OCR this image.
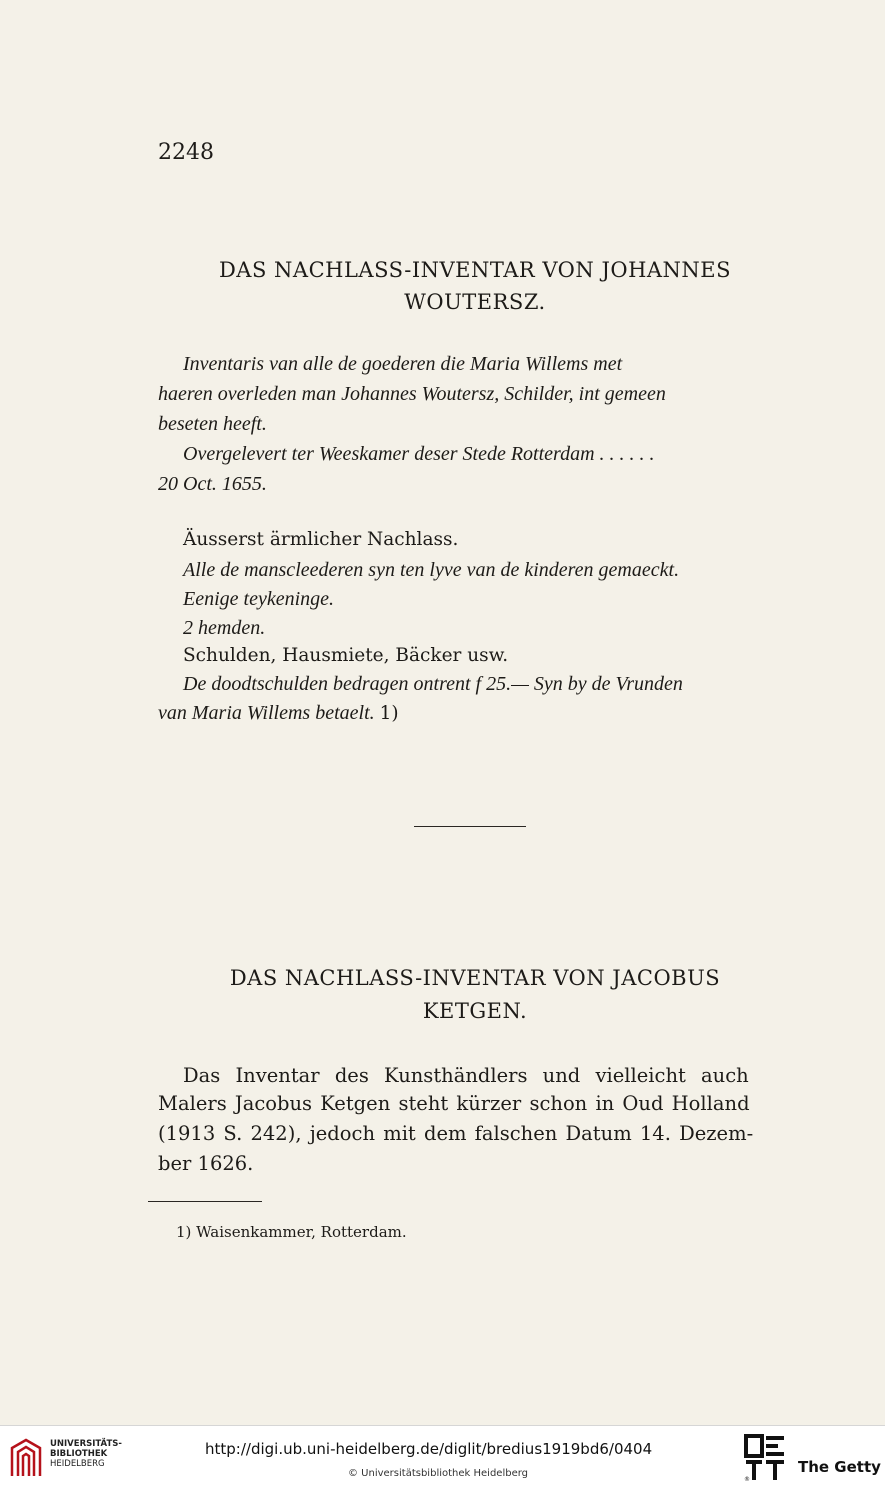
2248
DAS NACHLASS-INVENTAR VON JOHANNES
WOUTERSZ.
Inventaris van alle de goederen die Maria Willems met
haeren overleden man Johannes Woutersz, Schilder, int gemeen
beseten heeft.
Overgelevert ter Weeskamer deser Stede Rotterdam . . . . . .
20 Oct. 1655.
Äusserst ärmlicher Nachlass.
Alle de manscleederen syn ten lyve van de kinderen gemaeckt.
Eenige teykeninge.
2 hemden.
Schulden, Hausmiete, Bäcker usw.
De doodtschulden bedragen ontrent f 25.— Syn by de Vrunden
van Maria Willems betaelt. 1)
DAS NACHLASS-INVENTAR VON JACOBUS
KETGEN.
Das Inventar des Kunsthändlers und vielleicht auch
Malers Jacobus Ketgen steht kürzer schon in Oud Holland
(1913 S. 242), jedoch mit dem falschen Datum 14. Dezem-
ber 1626.
1) Waisenkammer, Rotterdam.
UNIVERSITÄTS-
BIBLIOTHEK
HEIDELBERG
http://digi.ub.uni-heidelberg.de/diglit/bredius1919bd6/0404
© Universitätsbibliothek Heidelberg
®
The Getty
